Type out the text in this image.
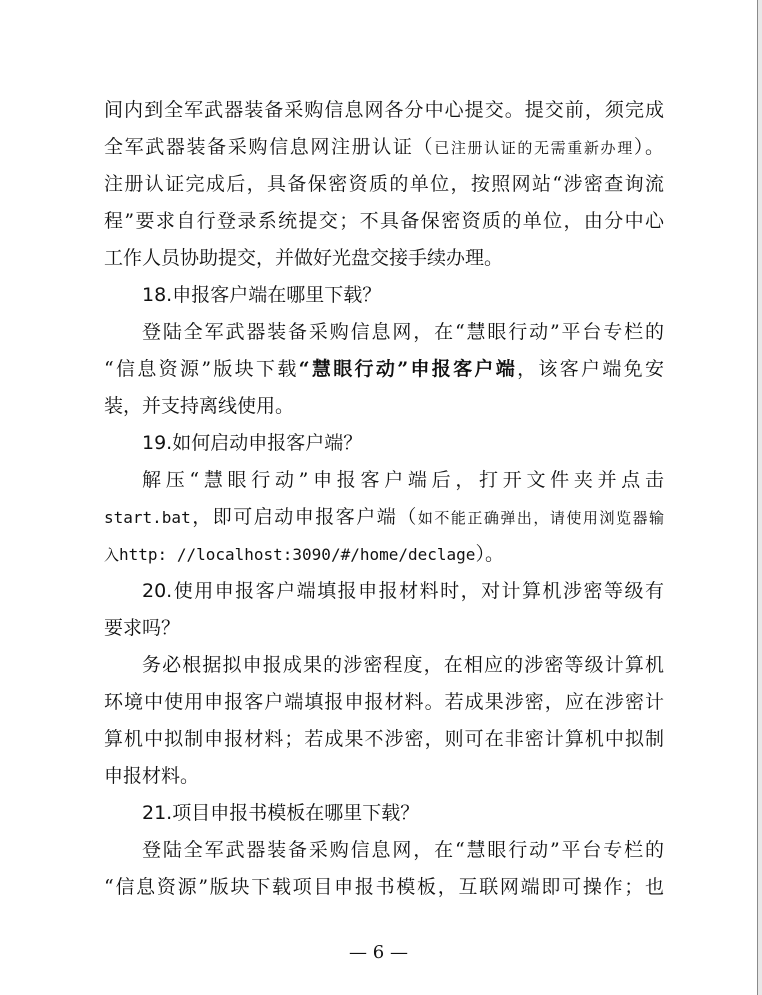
间内到全军武器装备采购信息网各分中心提交。提交前，须完成
全军武器装备采购信息网注册认证（已注册认证的无需重新办理）。
注册认证完成后，具备保密资质的单位，按照网站“涉密查询流
程”要求自行登录系统提交；不具备保密资质的单位，由分中心
工作人员协助提交，并做好光盘交接手续办理。
18.申报客户端在哪里下载？
登陆全军武器装备采购信息网，在“慧眼行动”平台专栏的
“信息资源”版块下载“慧眼行动”申报客户端，该客户端免安
装，并支持离线使用。
19.如何启动申报客户端？
解压“慧眼行动”申报客户端后，打开文件夹并点击
start.bat，即可启动申报客户端（如不能正确弹出，请使用浏览器输
入http: //localhost:3090/#/home/declage）。
20.使用申报客户端填报申报材料时，对计算机涉密等级有
要求吗？
务必根据拟申报成果的涉密程度，在相应的涉密等级计算机
环境中使用申报客户端填报申报材料。若成果涉密，应在涉密计
算机中拟制申报材料；若成果不涉密，则可在非密计算机中拟制
申报材料。
21.项目申报书模板在哪里下载？
登陆全军武器装备采购信息网，在“慧眼行动”平台专栏的
“信息资源”版块下载项目申报书模板，互联网端即可操作；也
— 6 —
